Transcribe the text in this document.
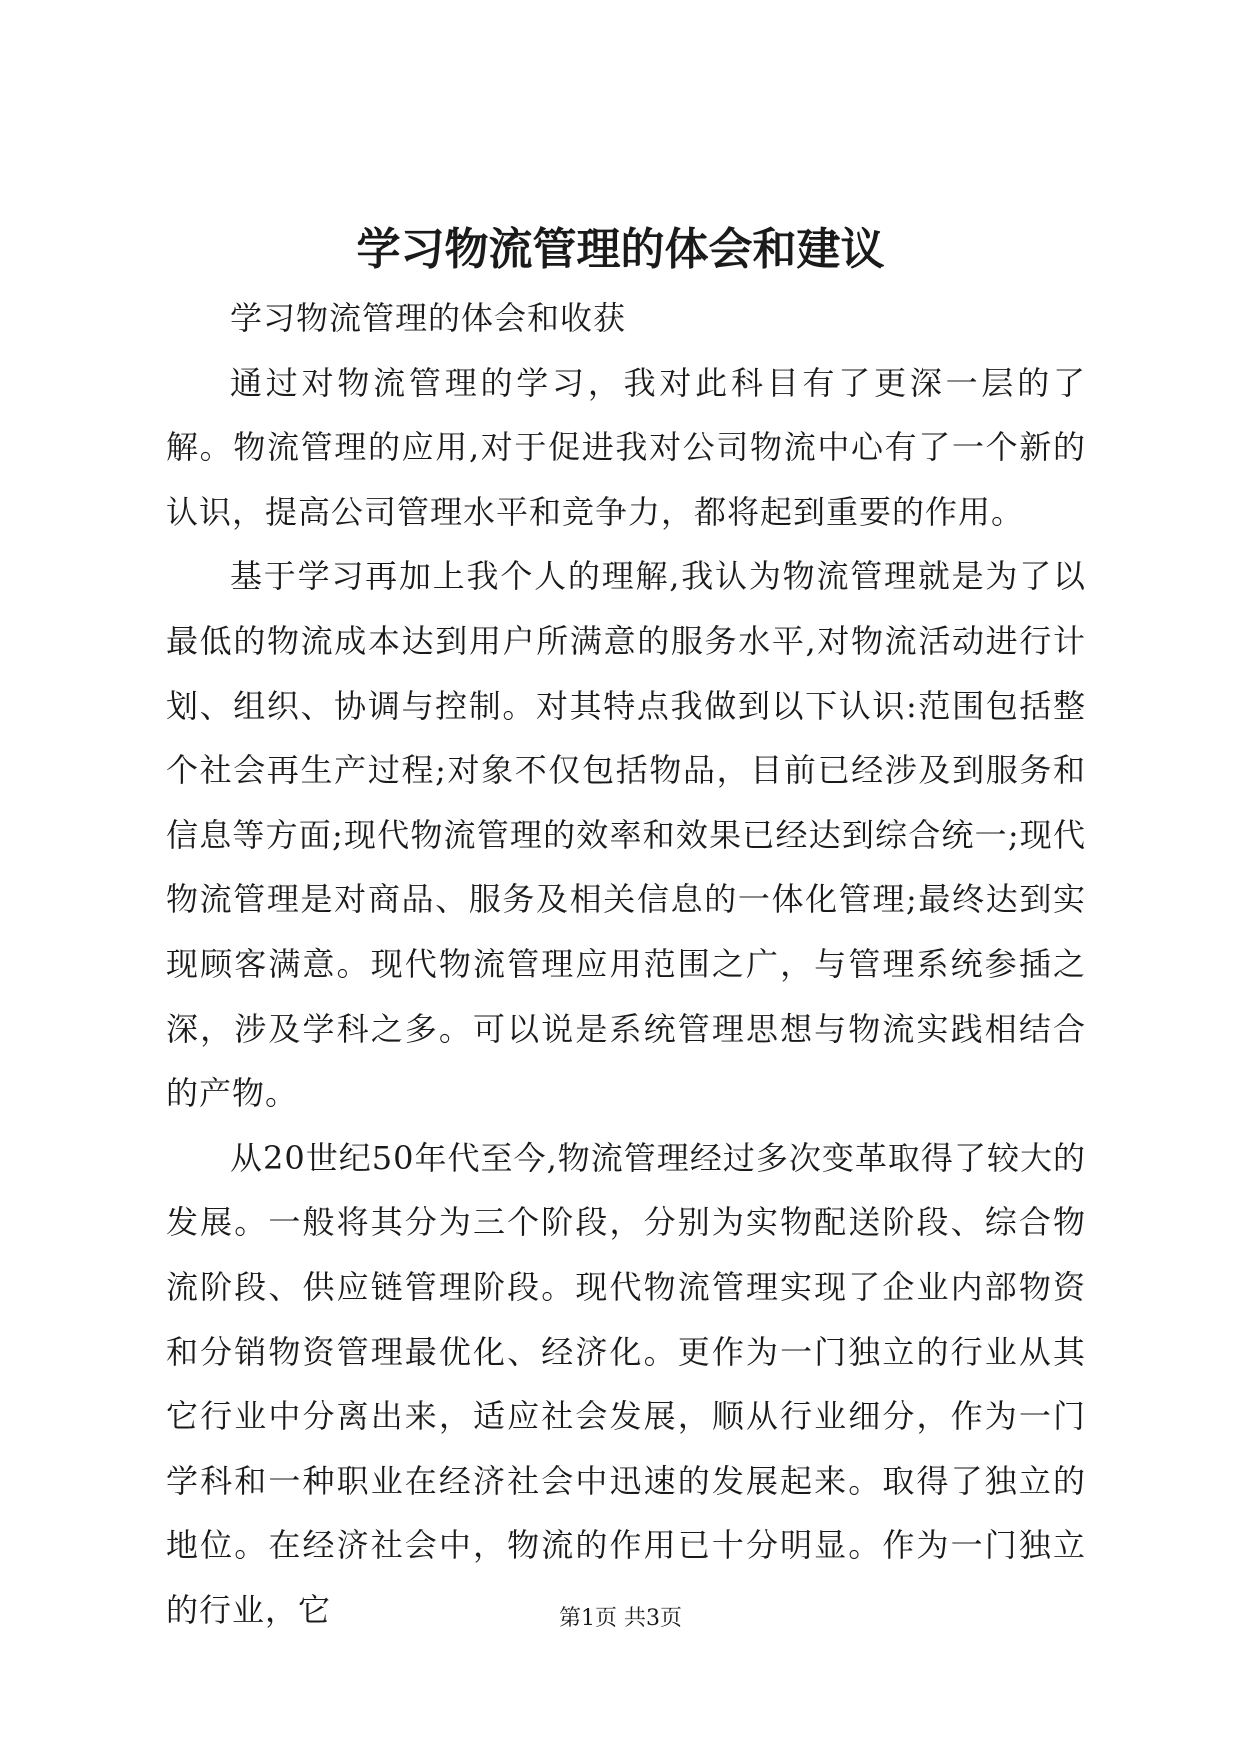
学习物流管理的体会和建议

学习物流管理的体会和收获

通过对物流管理的学习，我对此科目有了更深一层的了解。物流管理的应用,对于促进我对公司物流中心有了一个新的认识，提高公司管理水平和竞争力，都将起到重要的作用。

基于学习再加上我个人的理解,我认为物流管理就是为了以最低的物流成本达到用户所满意的服务水平,对物流活动进行计划、组织、协调与控制。对其特点我做到以下认识:范围包括整个社会再生产过程;对象不仅包括物品，目前已经涉及到服务和信息等方面;现代物流管理的效率和效果已经达到综合统一;现代物流管理是对商品、服务及相关信息的一体化管理;最终达到实现顾客满意。现代物流管理应用范围之广，与管理系统参插之深，涉及学科之多。可以说是系统管理思想与物流实践相结合的产物。

从20世纪50年代至今,物流管理经过多次变革取得了较大的发展。一般将其分为三个阶段，分别为实物配送阶段、综合物流阶段、供应链管理阶段。现代物流管理实现了企业内部物资和分销物资管理最优化、经济化。更作为一门独立的行业从其它行业中分离出来，适应社会发展，顺从行业细分，作为一门学科和一种职业在经济社会中迅速的发展起来。取得了独立的地位。在经济社会中，物流的作用已十分明显。作为一门独立的行业，它	第1页 共3页
